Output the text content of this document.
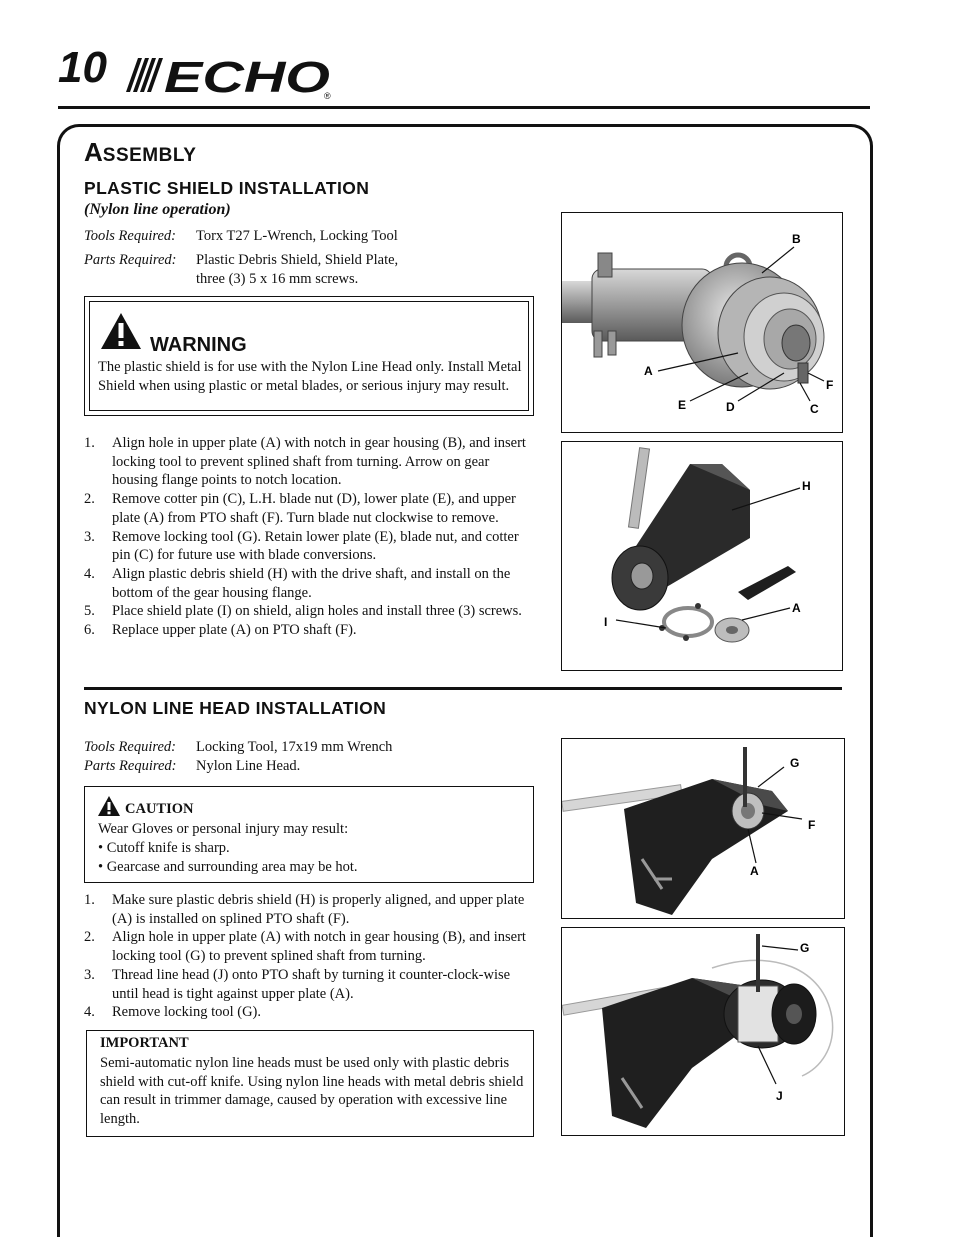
10 ECHO
®
ASSEMBLY
PLASTIC SHIELD INSTALLATION
(Nylon line operation)
Tools Required: Torx T27 L-Wrench, Locking Tool
Parts Required: Plastic Debris Shield, Shield Plate,
three (3) 5 x 16 mm screws.
WARNING
The plastic shield is for use with the Nylon Line Head only. Install Metal Shield when using plastic or metal blades, or serious injury may result.
1. Align hole in upper plate (A) with notch in gear housing (B), and insert locking tool to prevent splined shaft from turning. Arrow on gear housing flange points to notch location.
2. Remove cotter pin (C), L.H. blade nut (D), lower plate (E), and upper plate (A) from PTO shaft (F). Turn blade nut clockwise to remove.
3. Remove locking tool (G). Retain lower plate (E), blade nut, and cotter pin (C) for future use with blade conversions.
4. Align plastic debris shield (H) with the drive shaft, and install on the bottom of the gear housing flange.
5. Place shield plate (I) on shield, align holes and install three (3) screws.
6. Replace upper plate (A) on PTO shaft (F).
B
A
F
E	D	C
H
A
I
NYLON LINE HEAD INSTALLATION
Tools Required: Locking Tool, 17x19 mm Wrench
Parts Required: Nylon Line Head.
CAUTION
Wear Gloves or personal injury may result:
• Cutoff knife is sharp.
• Gearcase and surrounding area may be hot.
1. Make sure plastic debris shield (H) is properly aligned, and upper plate (A) is installed on splined PTO shaft (F).
2. Align hole in upper plate (A) with notch in gear housing (B), and insert locking tool (G) to prevent splined shaft from turning.
3. Thread line head (J) onto PTO shaft by turning it counter-clock-wise until head is tight against upper plate (A).
4. Remove locking tool (G).
IMPORTANT
Semi-automatic nylon line heads must be used only with plastic debris shield with cut-off knife. Using nylon line heads with metal debris shield can result in trimmer damage, caused by operation with excessive line length.
G
F
A
G
J
